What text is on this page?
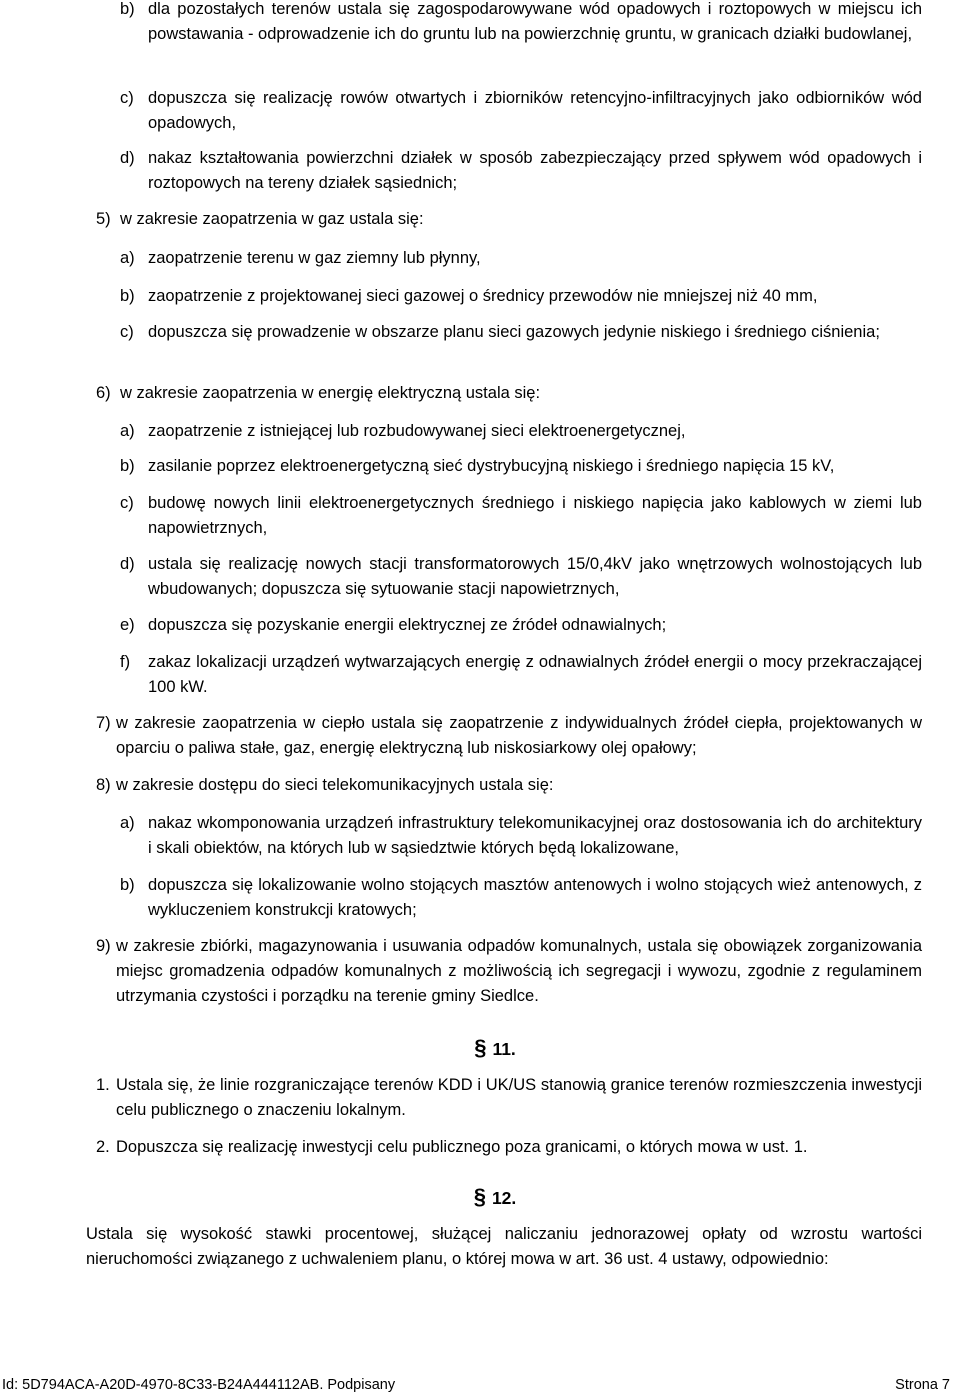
b) dla pozostałych terenów ustala się zagospodarowywane wód opadowych i roztopowych w miejscu ich powstawania - odprowadzenie ich do gruntu lub na powierzchnię gruntu, w granicach działki budowlanej,
c) dopuszcza się realizację rowów otwartych i zbiorników retencyjno-infiltracyjnych jako odbiorników wód opadowych,
d) nakaz kształtowania powierzchni działek w sposób zabezpieczający przed spływem wód opadowych i roztopowych na tereny działek sąsiednich;
5) w zakresie zaopatrzenia w gaz ustala się:
a) zaopatrzenie terenu w gaz ziemny lub płynny,
b) zaopatrzenie z projektowanej sieci gazowej o średnicy przewodów nie mniejszej niż 40 mm,
c) dopuszcza się prowadzenie w obszarze planu sieci gazowych jedynie niskiego i średniego ciśnienia;
6) w zakresie zaopatrzenia w energię elektryczną ustala się:
a) zaopatrzenie z istniejącej lub rozbudowywanej sieci elektroenergetycznej,
b) zasilanie poprzez elektroenergetyczną sieć dystrybucyjną niskiego i średniego napięcia 15 kV,
c) budowę nowych linii elektroenergetycznych średniego i niskiego napięcia jako kablowych w ziemi lub napowietrznych,
d) ustala się realizację nowych stacji transformatorowych 15/0,4kV jako wnętrzowych wolnostojących lub wbudowanych; dopuszcza się sytuowanie stacji napowietrznych,
e) dopuszcza się pozyskanie energii elektrycznej ze źródeł odnawialnych;
f)	zakaz lokalizacji urządzeń wytwarzających energię z odnawialnych źródeł energii o mocy przekraczającej 100 kW.
7) w zakresie zaopatrzenia w ciepło ustala się zaopatrzenie z indywidualnych źródeł ciepła, projektowanych w oparciu o paliwa stałe, gaz, energię elektryczną lub niskosiarkowy olej opałowy;
8) w zakresie dostępu do sieci telekomunikacyjnych ustala się:
a) nakaz wkomponowania urządzeń infrastruktury telekomunikacyjnej oraz dostosowania ich do architektury i skali obiektów, na których lub w sąsiedztwie których będą lokalizowane,
b) dopuszcza się lokalizowanie wolno stojących masztów antenowych i wolno stojących wież antenowych, z wykluczeniem konstrukcji kratowych;
9) w zakresie zbiórki, magazynowania i usuwania odpadów komunalnych, ustala się obowiązek zorganizowania miejsc gromadzenia odpadów komunalnych z możliwością ich segregacji i wywozu, zgodnie z regulaminem utrzymania czystości i porządku na terenie gminy Siedlce.
§ 11.
1. Ustala się, że linie rozgraniczające terenów KDD i UK/US stanowią granice terenów rozmieszczenia inwestycji celu publicznego o znaczeniu lokalnym.
2. Dopuszcza się realizację inwestycji celu publicznego poza granicami, o których mowa w ust. 1.
§ 12.
Ustala się wysokość stawki procentowej, służącej naliczaniu jednorazowej opłaty od wzrostu wartości nieruchomości związanego z uchwaleniem planu, o której mowa w art. 36 ust. 4 ustawy, odpowiednio:
Id: 5D794ACA-A20D-4970-8C33-B24A444112AB. Podpisany	Strona 7
